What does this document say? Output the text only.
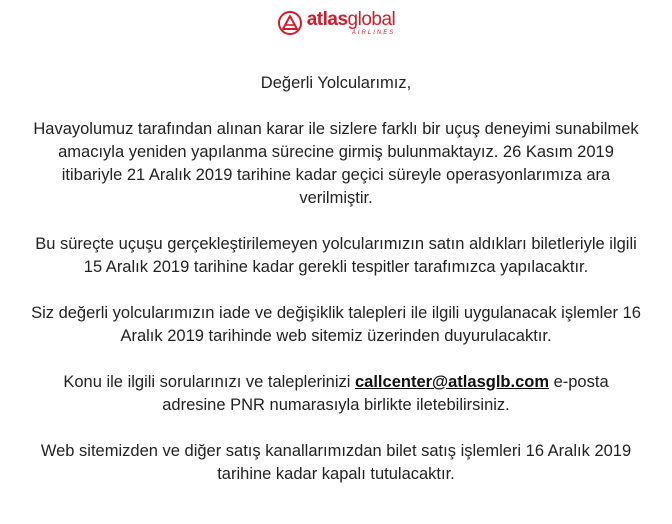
atlasglobal
AIRLINES

Değerli Yolcularımız,

Havayolumuz tarafından alınan karar ile sizlere farklı bir uçuş deneyimi sunabilmek amacıyla yeniden yapılanma sürecine girmiş bulunmaktayız. 26 Kasım 2019 itibariyle 21 Aralık 2019 tarihine kadar geçici süreyle operasyonlarımıza ara verilmiştir.

Bu süreçte uçuşu gerçekleştirilemeyen yolcularımızın satın aldıkları biletleriyle ilgili 15 Aralık 2019 tarihine kadar gerekli tespitler tarafımızca yapılacaktır.

Siz değerli yolcularımızın iade ve değişiklik talepleri ile ilgili uygulanacak işlemler 16 Aralık 2019 tarihinde web sitemiz üzerinden duyurulacaktır.

Konu ile ilgili sorularınızı ve taleplerinizi callcenter@atlasglb.com e-posta adresine PNR numarasıyla birlikte iletebilirsiniz.

Web sitemizden ve diğer satış kanallarımızdan bilet satış işlemleri 16 Aralık 2019 tarihine kadar kapalı tutulacaktır.
